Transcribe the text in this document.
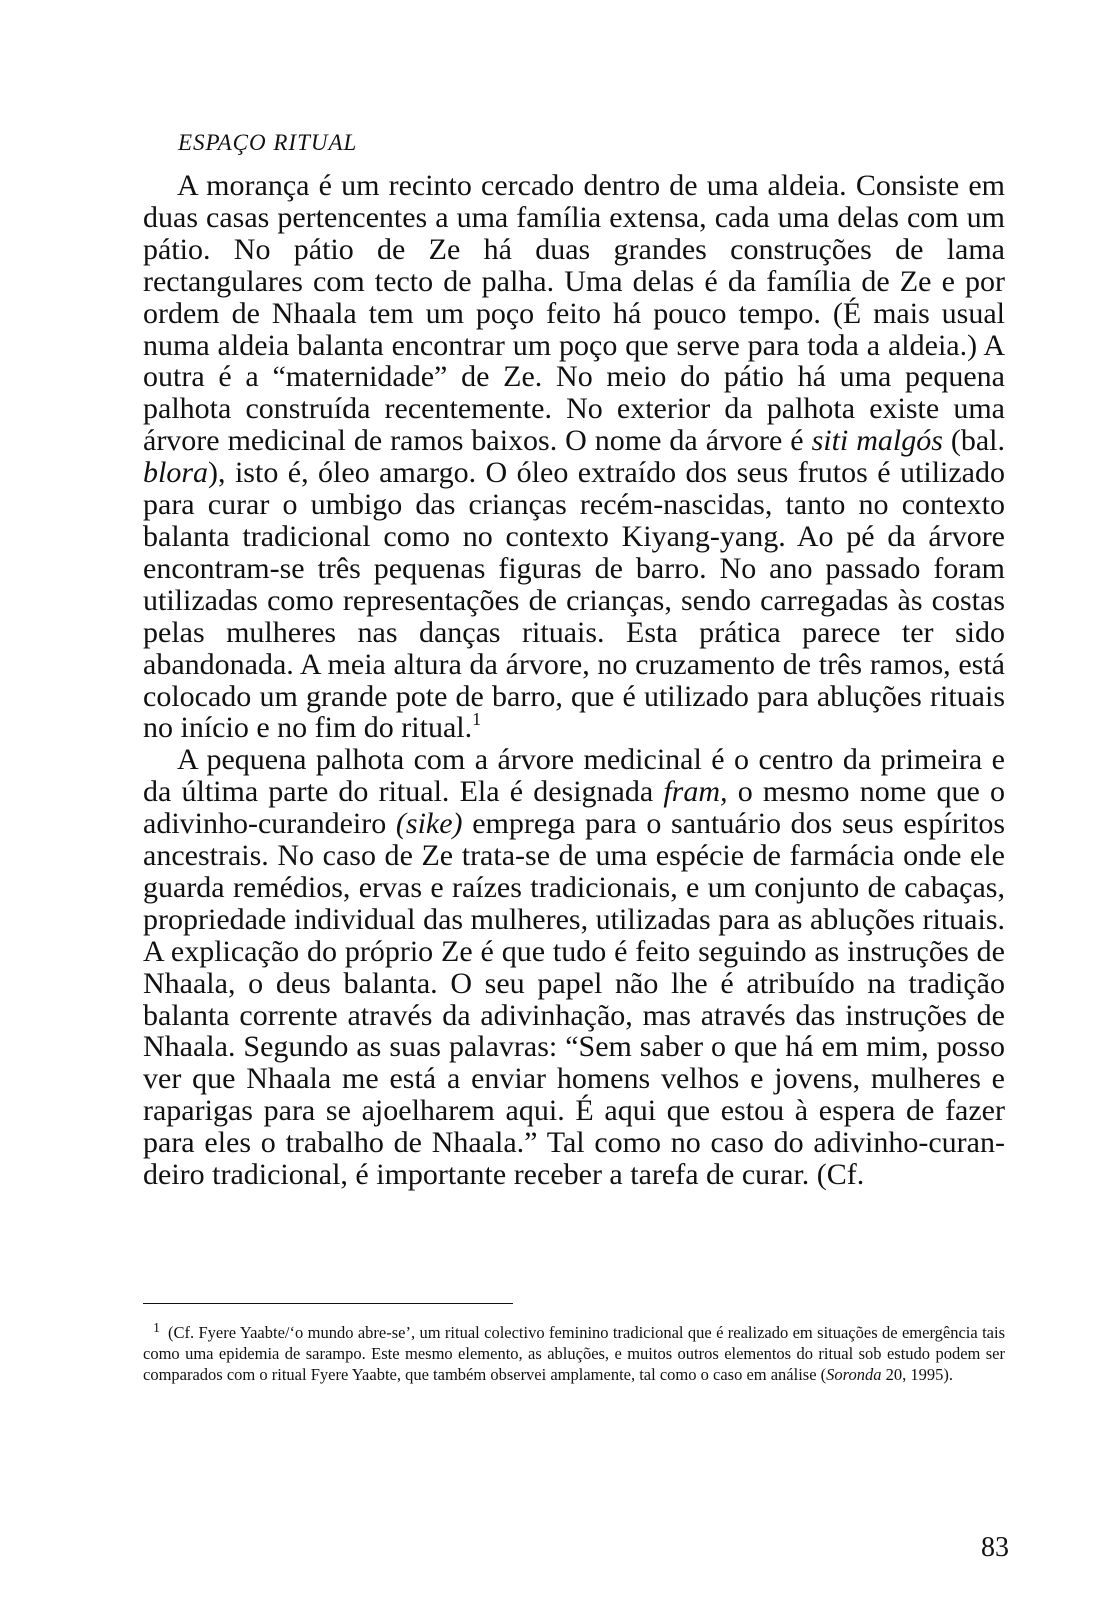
ESPAÇO RITUAL

A morança é um recinto cercado dentro de uma aldeia. Consiste em duas casas pertencentes a uma família extensa, cada uma delas com um pátio. No pátio de Ze há duas grandes construções de lama rectangulares com tecto de palha. Uma delas é da família de Ze e por ordem de Nhaala tem um poço feito há pouco tempo. (É mais usual numa aldeia balanta encontrar um poço que serve para toda a aldeia.) A outra é a “maternidade” de Ze. No meio do pátio há uma pequena palhota construída recentemente. No exterior da palhota existe uma árvore medicinal de ramos baixos. O nome da árvore é siti malgós (bal. blora), isto é, óleo amargo. O óleo extraído dos seus frutos é utilizado para curar o umbigo das crianças recém-nascidas, tanto no contexto balanta tradicional como no contexto Kiyang-yang. Ao pé da árvore encontram-se três pequenas figuras de barro. No ano passado foram utilizadas como representações de crianças, sendo carregadas às costas pelas mulheres nas danças rituais. Esta prática parece ter sido abandonada. A meia altura da árvore, no cruzamento de três ramos, está colocado um grande pote de barro, que é utilizado para abluções rituais no início e no fim do ritual.$^1$

A pequena palhota com a árvore medicinal é o centro da primeira e da última parte do ritual. Ela é designada fram, o mesmo nome que o adivinho-curandeiro (sike) emprega para o santuário dos seus espíritos ancestrais. No caso de Ze trata-se de uma espécie de farmácia onde ele guarda remédios, ervas e raízes tradicionais, e um conjunto de cabaças, propriedade individual das mulheres, utilizadas para as abluções rituais. A explicação do próprio Ze é que tudo é feito seguindo as instruções de Nhaala, o deus balanta. O seu papel não lhe é atribuído na tradição balanta corrente através da adivinhação, mas através das instruções de Nhaala. Segundo as suas palavras: “Sem saber o que há em mim, posso ver que Nhaala me está a enviar homens velhos e jovens, mulheres e raparigas para se ajoelharem aqui. É aqui que estou à espera de fazer para eles o trabalho de Nhaala.” Tal como no caso do adivinho-curandeiro tradicional, é importante receber a tarefa de curar. (Cf.

$^1$ (Cf. Fyere Yaabte/‘o mundo abre-se’, um ritual colectivo feminino tradicional que é realizado em situações de emergência tais como uma epidemia de sarampo. Este mesmo elemento, as abluções, e muitos outros elementos do ritual sob estudo podem ser comparados com o ritual Fyere Yaabte, que também observei amplamente, tal como o caso em análise (Soronda 20, 1995).
83
